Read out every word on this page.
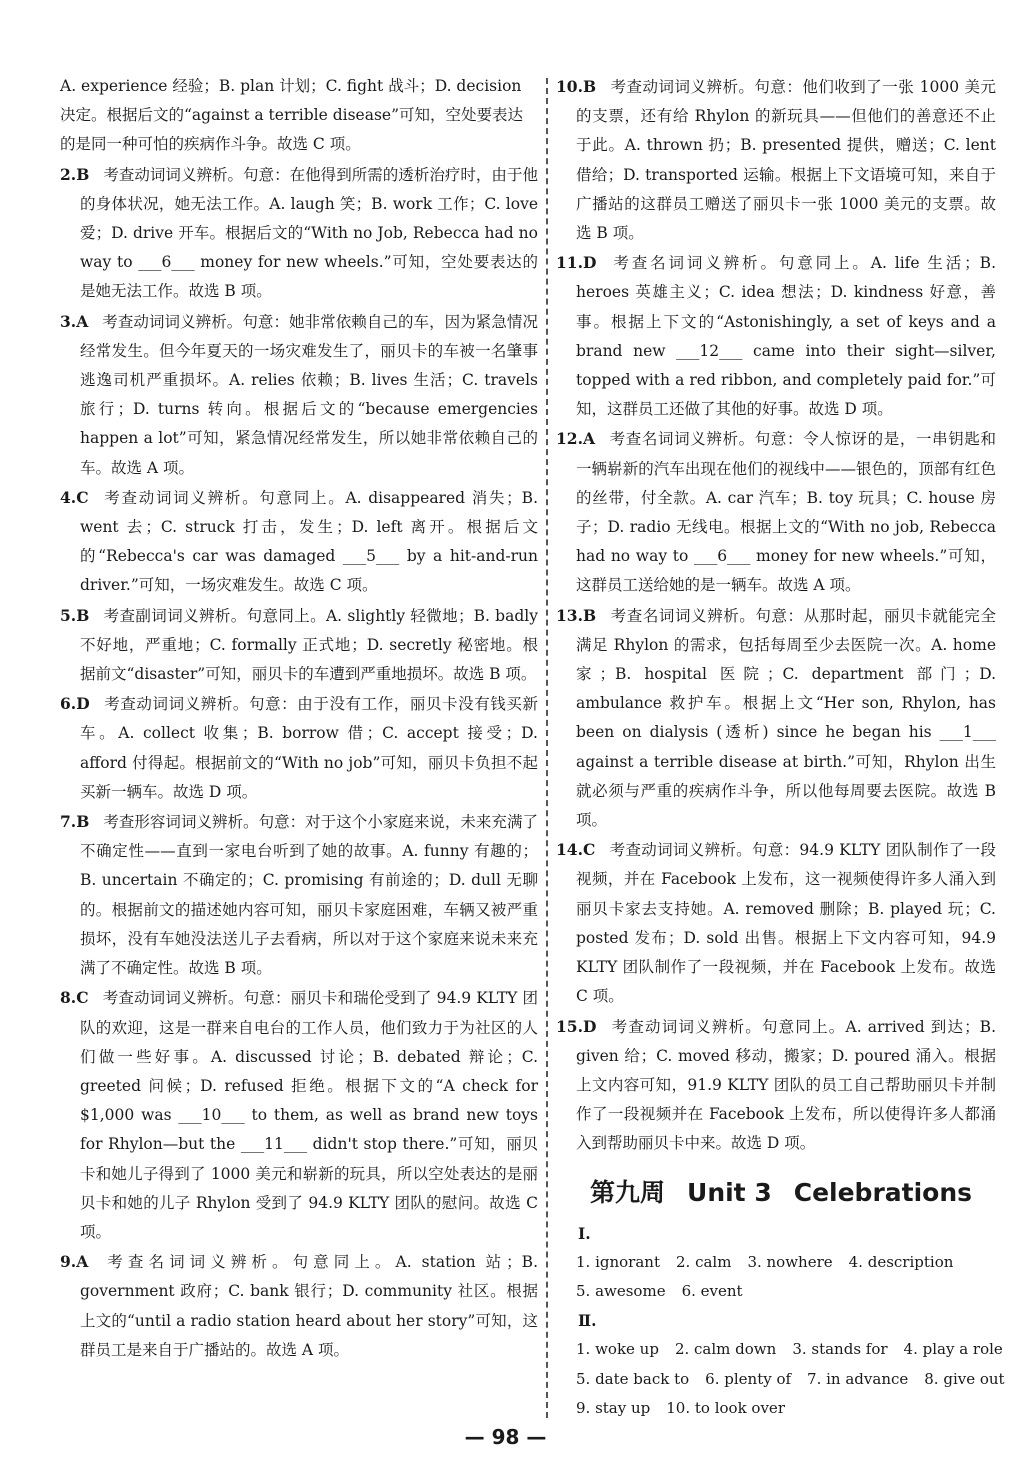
A. experience 经验；B. plan 计划；C. fight 战斗；D. decision 决定。根据后文的“against a terrible disease”可知，空处要表达的是同一种可怕的疾病作斗争。故选 C 项。

2.B 考查动词词义辨析。句意：在他得到所需的透析治疗时，由于他的身体状况，她无法工作。A. laugh 笑；B. work 工作；C. love 爱；D. drive 开车。根据后文的“With no Job, Rebecca had no way to ___6___ money for new wheels.”可知，空处要表达的是她无法工作。故选 B 项。

3.A 考查动词词义辨析。句意：她非常依赖自己的车，因为紧急情况经常发生。但今年夏天的一场灾难发生了，丽贝卡的车被一名肇事逃逸司机严重损坏。A. relies 依赖；B. lives 生活；C. travels 旅行；D. turns 转向。根据后文的“because emergencies happen a lot”可知，紧急情况经常发生，所以她非常依赖自己的车。故选 A 项。

4.C 考查动词词义辨析。句意同上。A. disappeared 消失；B. went 去；C. struck 打击，发生；D. left 离开。根据后文的“Rebecca's car was damaged ___5___ by a hit-and-run driver.”可知，一场灾难发生。故选 C 项。

5.B 考查副词词义辨析。句意同上。A. slightly 轻微地；B. badly 不好地，严重地；C. formally 正式地；D. secretly 秘密地。根据前文“disaster”可知，丽贝卡的车遭到严重地损坏。故选 B 项。

6.D 考查动词词义辨析。句意：由于没有工作，丽贝卡没有钱买新车。A. collect 收集；B. borrow 借；C. accept 接受；D. afford 付得起。根据前文的“With no job”可知，丽贝卡负担不起买新一辆车。故选 D 项。

7.B 考查形容词词义辨析。句意：对于这个小家庭来说，未来充满了不确定性——直到一家电台听到了她的故事。A. funny 有趣的；B. uncertain 不确定的；C. promising 有前途的；D. dull 无聊的。根据前文的描述她内容可知，丽贝卡家庭困难，车辆又被严重损坏，没有车她没法送儿子去看病，所以对于这个家庭来说未来充满了不确定性。故选 B 项。

8.C 考查动词词义辨析。句意：丽贝卡和瑞伦受到了 94.9 KLTY 团队的欢迎，这是一群来自电台的工作人员，他们致力于为社区的人们做一些好事。A. discussed 讨论；B. debated 辩论；C. greeted 问候；D. refused 拒绝。根据下文的“A check for $1,000 was ___10___ to them, as well as brand new toys for Rhylon—but the ___11___ didn't stop there.”可知，丽贝卡和她儿子得到了 1000 美元和崭新的玩具，所以空处表达的是丽贝卡和她的儿子 Rhylon 受到了 94.9 KLTY 团队的慰问。故选 C 项。

9.A 考查名词词义辨析。句意同上。A. station 站；B. government 政府；C. bank 银行；D. community 社区。根据上文的“until a radio station heard about her story”可知，这群员工是来自于广播站的。故选 A 项。

10.B 考查动词词义辨析。句意：他们收到了一张 1000 美元的支票，还有给 Rhylon 的新玩具——但他们的善意还不止于此。A. thrown 扔；B. presented 提供，赠送；C. lent 借给；D. transported 运输。根据上下文语境可知，来自于广播站的这群员工赠送了丽贝卡一张 1000 美元的支票。故选 B 项。

11.D 考查名词词义辨析。句意同上。A. life 生活；B. heroes 英雄主义；C. idea 想法；D. kindness 好意，善事。根据上下文的“Astonishingly, a set of keys and a brand new ___12___ came into their sight—silver, topped with a red ribbon, and completely paid for.”可知，这群员工还做了其他的好事。故选 D 项。

12.A 考查名词词义辨析。句意：令人惊讶的是，一串钥匙和一辆崭新的汽车出现在他们的视线中——银色的，顶部有红色的丝带，付全款。A. car 汽车；B. toy 玩具；C. house 房子；D. radio 无线电。根据上文的“With no job, Rebecca had no way to ___6___ money for new wheels.”可知，这群员工送给她的是一辆车。故选 A 项。

13.B 考查名词词义辨析。句意：从那时起，丽贝卡就能完全满足 Rhylon 的需求，包括每周至少去医院一次。A. home 家；B. hospital 医院；C. department 部门；D. ambulance 救护车。根据上文“Her son, Rhylon, has been on dialysis (透析) since he began his ___1___ against a terrible disease at birth.”可知，Rhylon 出生就必须与严重的疾病作斗争，所以他每周要去医院。故选 B 项。

14.C 考查动词词义辨析。句意：94.9 KLTY 团队制作了一段视频，并在 Facebook 上发布，这一视频使得许多人涌入到丽贝卡家去支持她。A. removed 删除；B. played 玩；C. posted 发布；D. sold 出售。根据上下文内容可知，94.9 KLTY 团队制作了一段视频，并在 Facebook 上发布。故选 C 项。

15.D 考查动词词义辨析。句意同上。A. arrived 到达；B. given 给；C. moved 移动，搬家；D. poured 涌入。根据上文内容可知，91.9 KLTY 团队的员工自己帮助丽贝卡并制作了一段视频并在 Facebook 上发布，所以使得许多人都涌入到帮助丽贝卡中来。故选 D 项。

第九周 Unit 3 Celebrations

Ⅰ.

1. ignorant 2. calm 3. nowhere 4. description

5. awesome 6. event

Ⅱ.

1. woke up 2. calm down 3. stands for 4. play a role

5. date back to 6. plenty of 7. in advance 8. give out

9. stay up 10. to look over

— 98 —
